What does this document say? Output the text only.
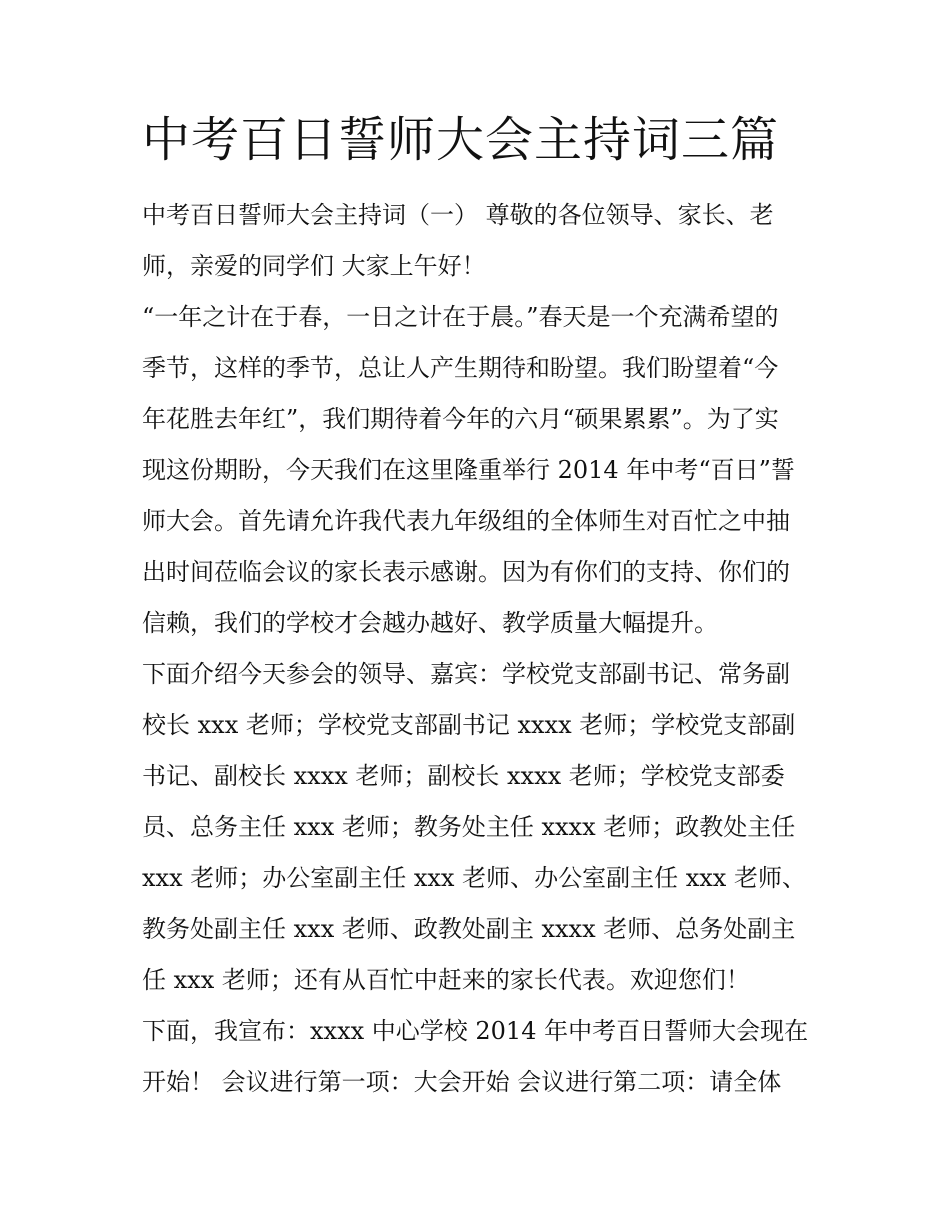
中考百日誓师大会主持词三篇
中考百日誓师大会主持词（一） 尊敬的各位领导、家长、老
师，亲爱的同学们 大家上午好！
“一年之计在于春，一日之计在于晨。”春天是一个充满希望的
季节，这样的季节，总让人产生期待和盼望。我们盼望着“今
年花胜去年红”，我们期待着今年的六月“硕果累累”。为了实
现这份期盼，今天我们在这里隆重举行 2014 年中考“百日”誓
师大会。首先请允许我代表九年级组的全体师生对百忙之中抽
出时间莅临会议的家长表示感谢。因为有你们的支持、你们的
信赖，我们的学校才会越办越好、教学质量大幅提升。
下面介绍今天参会的领导、嘉宾：学校党支部副书记、常务副
校长 xxx 老师；学校党支部副书记 xxxx 老师；学校党支部副
书记、副校长 xxxx 老师；副校长 xxxx 老师；学校党支部委
员、总务主任 xxx 老师；教务处主任 xxxx 老师；政教处主任
xxx 老师；办公室副主任 xxx 老师、办公室副主任 xxx 老师、
教务处副主任 xxx 老师、政教处副主 xxxx 老师、总务处副主
任 xxx 老师；还有从百忙中赶来的家长代表。欢迎您们！
下面，我宣布：xxxx 中心学校 2014 年中考百日誓师大会现在
开始！ 会议进行第一项：大会开始 会议进行第二项：请全体
